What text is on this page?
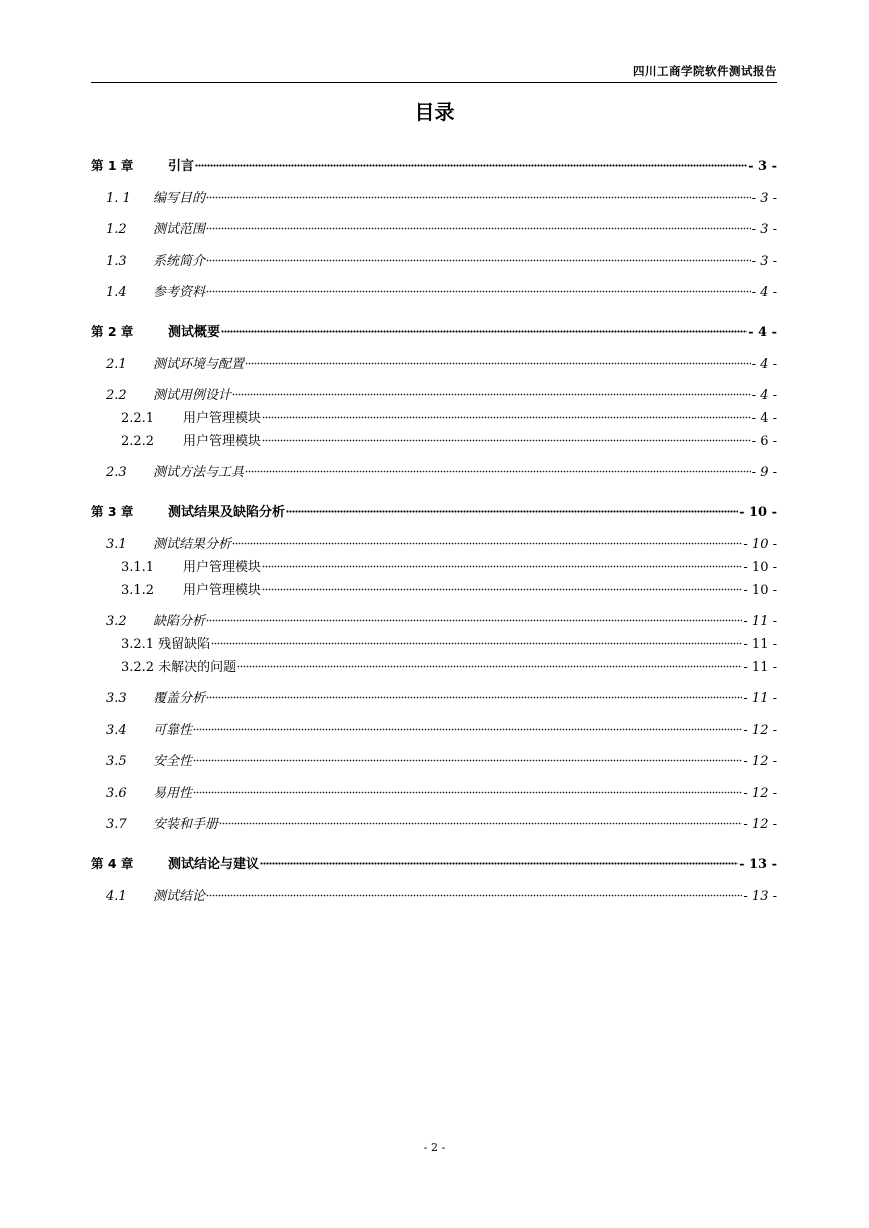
四川工商学院软件测试报告
目录
第 1 章	引言	- 3 -
1. 1	编写目的	- 3 -
1.2	测试范围	- 3 -
1.3	系统简介	- 3 -
1.4	参考资料	- 4 -
第 2 章	测试概要	- 4 -
2.1	测试环境与配置	- 4 -
2.2	测试用例设计	- 4 -
2.2.1	用户管理模块	- 4 -
2.2.2	用户管理模块	- 6 -
2.3	测试方法与工具	- 9 -
第 3 章	测试结果及缺陷分析	- 10 -
3.1	测试结果分析	- 10 -
3.1.1	用户管理模块	- 10 -
3.1.2	用户管理模块	- 10 -
3.2	缺陷分析	- 11 -
3.2.1 残留缺陷	- 11 -
3.2.2 未解决的问题	- 11 -
3.3	覆盖分析	- 11 -
3.4	可靠性	- 12 -
3.5	安全性	- 12 -
3.6	易用性	- 12 -
3.7	安装和手册	- 12 -
第 4 章	测试结论与建议	- 13 -
4.1	测试结论	- 13 -
- 2 -
